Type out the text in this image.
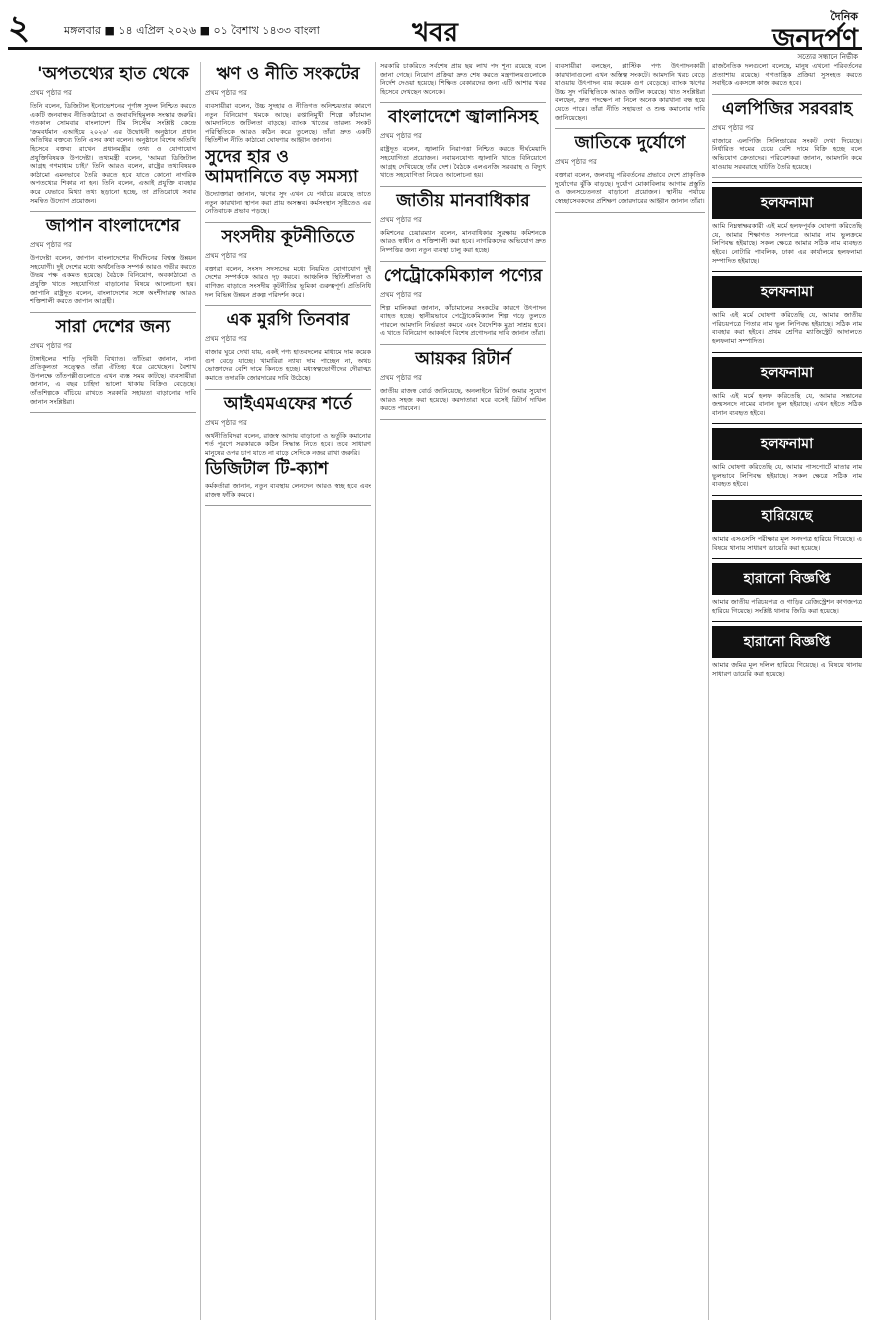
২	মঙ্গলবার ■ ১৪ এপ্রিল ২০২৬ ■ ০১ বৈশাখ ১৪৩৩ বাংলা	খবর
দৈনিক
জনদর্পণ
সত্যের সন্ধানে নির্ভীক
'অপতথ্যের হাত থেকে
প্রথম পৃষ্ঠার পর
তিনি বলেন, ডিজিটাল ইনোভেশনের পূর্ণাঙ্গ সুফল নিশ্চিত করতে একটি জনবান্ধব নীতিকাঠামো ও জবাবদিহিমূলক সংস্কার জরুরি। গতকাল সোমবার বাংলাদেশ টিম সিস্টেম সংশ্লিষ্ট কেন্দ্রে 'ক্রমবর্ধমান এআইয়ে ২০২৬' এর উদ্বোধনী অনুষ্ঠানে প্রধান অতিথির বক্তব্যে তিনি এসব কথা বলেন। অনুষ্ঠানে বিশেষ অতিথি হিসেবে বক্তব্য রাখেন প্রধানমন্ত্রীর তথ্য ও যোগাযোগ প্রযুক্তিবিষয়ক উপদেষ্টা। তথ্যমন্ত্রী বলেন, 'আমরা ডিজিটাল আগ্রহ গণমাধ্যম চাই।' তিনি আরও বলেন, রাষ্ট্রের তথ্যবিষয়ক কাঠামো এমনভাবে তৈরি করতে হবে যাতে কোনো নাগরিক অপতথ্যের শিকার না হন। তিনি বলেন, এআই প্রযুক্তি ব্যবহার করে যেভাবে মিথ্যা তথ্য ছড়ানো হচ্ছে, তা প্রতিরোধে সবার সমন্বিত উদ্যোগ প্রয়োজন।
জাপান বাংলাদেশের
প্রথম পৃষ্ঠার পর
উপদেষ্টা বলেন, জাপান বাংলাদেশের দীর্ঘদিনের বিশ্বস্ত উন্নয়ন সহযোগী। দুই দেশের মধ্যে অর্থনৈতিক সম্পর্ক আরও গভীর করতে উভয় পক্ষ একমত হয়েছে। বৈঠকে বিনিয়োগ, অবকাঠামো ও প্রযুক্তি খাতে সহযোগিতা বাড়ানোর বিষয়ে আলোচনা হয়। জাপানি রাষ্ট্রদূত বলেন, বাংলাদেশের সঙ্গে অংশীদারত্ব আরও শক্তিশালী করতে জাপান আগ্রহী।
সারা দেশের জন্য
প্রথম পৃষ্ঠার পর
টাঙ্গাইলের শাড়ি পৃথিবী বিখ্যাত। তাঁতিরা জানান, নানা প্রতিকূলতা সত্ত্বেও তাঁরা ঐতিহ্য ধরে রেখেছেন। বৈশাখ উপলক্ষে তাঁতপল্লীগুলোতে এখন ব্যস্ত সময় কাটছে। ব্যবসায়ীরা জানান, এ বছর চাহিদা ভালো থাকায় বিক্রিও বেড়েছে। তাঁতশিল্পকে বাঁচিয়ে রাখতে সরকারি সহায়তা বাড়ানোর দাবি জানান সংশ্লিষ্টরা।
ঋণ ও নীতি সংকটের
প্রথম পৃষ্ঠার পর
ব্যবসায়ীরা বলেন, উচ্চ সুদহার ও নীতিগত অনিশ্চয়তার কারণে নতুন বিনিয়োগ থমকে আছে। রপ্তানিমুখী শিল্পে কাঁচামাল আমদানিতে জটিলতা বাড়ছে। ব্যাংক খাতের তারল্য সংকট পরিস্থিতিকে আরও কঠিন করে তুলেছে। তাঁরা দ্রুত একটি স্থিতিশীল নীতি কাঠামো ঘোষণার আহ্বান জানান।
সুদের হার ও আমদানিতে বড় সমস্যা
উদ্যোক্তারা জানান, ঋণের সুদ এখন যে পর্যায়ে রয়েছে তাতে নতুন কারখানা স্থাপন করা প্রায় অসম্ভব। কর্মসংস্থান সৃষ্টিতেও এর নেতিবাচক প্রভাব পড়ছে।
সংসদীয় কূটনীতিতে
প্রথম পৃষ্ঠার পর
বক্তারা বলেন, সংসদ সদস্যদের মধ্যে নিয়মিত যোগাযোগ দুই দেশের সম্পর্ককে আরও দৃঢ় করবে। আঞ্চলিক স্থিতিশীলতা ও বাণিজ্য বাড়াতে সংসদীয় কূটনীতির ভূমিকা গুরুত্বপূর্ণ। প্রতিনিধি দল বিভিন্ন উন্নয়ন প্রকল্প পরিদর্শন করে।
এক মুরগি তিনবার
প্রথম পৃষ্ঠার পর
বাজার ঘুরে দেখা যায়, একই পণ্য হাতবদলের মাধ্যমে দাম কয়েক গুণ বেড়ে যাচ্ছে। খামারিরা ন্যায্য দাম পাচ্ছেন না, অথচ ভোক্তাদের বেশি দামে কিনতে হচ্ছে। মধ্যস্বত্বভোগীদের দৌরাত্ম্য কমাতে তদারকি জোরদারের দাবি উঠেছে।
আইএমএফের শর্তে
প্রথম পৃষ্ঠার পর
অর্থনীতিবিদরা বলেন, রাজস্ব আদায় বাড়ানো ও ভর্তুকি কমানোর শর্ত পূরণে সরকারকে কঠিন সিদ্ধান্ত নিতে হবে। তবে সাধারণ মানুষের ওপর চাপ যাতে না বাড়ে সেদিকে নজর রাখা জরুরি।
ডিজিটাল টি-ক্যাশ
কর্মকর্তারা জানান, নতুন ব্যবস্থায় লেনদেন আরও স্বচ্ছ হবে এবং রাজস্ব ফাঁকি কমবে।
সরকারি চাকরিতে সর্বশেষ প্রায় ছয় লাখ পদ শূন্য রয়েছে বলে জানা গেছে। নিয়োগ প্রক্রিয়া দ্রুত শেষ করতে মন্ত্রণালয়গুলোকে নির্দেশ দেওয়া হয়েছে। শিক্ষিত বেকারদের জন্য এটি আশার খবর হিসেবে দেখছেন অনেকে।
বাংলাদেশে জ্বালানিসহ
প্রথম পৃষ্ঠার পর
রাষ্ট্রদূত বলেন, জ্বালানি নিরাপত্তা নিশ্চিত করতে দীর্ঘমেয়াদি সহযোগিতা প্রয়োজন। নবায়নযোগ্য জ্বালানি খাতে বিনিয়োগে আগ্রহ দেখিয়েছে তাঁর দেশ। বৈঠকে এলএনজি সরবরাহ ও বিদ্যুৎ খাতে সহযোগিতা নিয়েও আলোচনা হয়।
জাতীয় মানবাধিকার
প্রথম পৃষ্ঠার পর
কমিশনের চেয়ারম্যান বলেন, মানবাধিকার সুরক্ষায় কমিশনকে আরও স্বাধীন ও শক্তিশালী করা হবে। নাগরিকদের অভিযোগ দ্রুত নিষ্পত্তির জন্য নতুন ব্যবস্থা চালু করা হচ্ছে।
পেট্রোকেমিক্যাল পণ্যের
প্রথম পৃষ্ঠার পর
শিল্প মালিকরা জানান, কাঁচামালের সংকটের কারণে উৎপাদন ব্যাহত হচ্ছে। স্থানীয়ভাবে পেট্রোকেমিক্যাল শিল্প গড়ে তুলতে পারলে আমদানি নির্ভরতা কমবে এবং বৈদেশিক মুদ্রা সাশ্রয় হবে। এ খাতে বিনিয়োগ আকর্ষণে বিশেষ প্রণোদনার দাবি জানান তাঁরা।
আয়কর রিটার্ন
প্রথম পৃষ্ঠার পর
জাতীয় রাজস্ব বোর্ড জানিয়েছে, অনলাইনে রিটার্ন জমার সুযোগ আরও সহজ করা হয়েছে। করদাতারা ঘরে বসেই রিটার্ন দাখিল করতে পারবেন।
ব্যবসায়ীরা বলছেন, প্লাস্টিক পণ্য উৎপাদনকারী কারখানাগুলো এখন অস্তিত্ব সংকটে। আমদানি খরচ বেড়ে যাওয়ায় উৎপাদন ব্যয় কয়েক গুণ বেড়েছে। ব্যাংক ঋণের উচ্চ সুদ পরিস্থিতিকে আরও জটিল করেছে। খাত সংশ্লিষ্টরা বলছেন, দ্রুত পদক্ষেপ না নিলে অনেক কারখানা বন্ধ হয়ে যেতে পারে। তাঁরা নীতি সহায়তা ও শুল্ক কমানোর দাবি জানিয়েছেন।
জাতিকে দুর্যোগে
প্রথম পৃষ্ঠার পর
বক্তারা বলেন, জলবায়ু পরিবর্তনের প্রভাবে দেশে প্রাকৃতিক দুর্যোগের ঝুঁকি বাড়ছে। দুর্যোগ মোকাবিলায় আগাম প্রস্তুতি ও জনসচেতনতা বাড়ানো প্রয়োজন। স্থানীয় পর্যায়ে স্বেচ্ছাসেবকদের প্রশিক্ষণ জোরদারের আহ্বান জানান তাঁরা।
রাজনৈতিক দলগুলো বলেছে, মানুষ এখনো পরিবর্তনের প্রত্যাশায় রয়েছে। গণতান্ত্রিক প্রক্রিয়া সুসংহত করতে সবাইকে একসঙ্গে কাজ করতে হবে।
এলপিজির সরবরাহ
প্রথম পৃষ্ঠার পর
বাজারে এলপিজি সিলিন্ডারের সংকট দেখা দিয়েছে। নির্ধারিত দামের চেয়ে বেশি দামে বিক্রি হচ্ছে বলে অভিযোগ ক্রেতাদের। পরিবেশকরা জানান, আমদানি কমে যাওয়ায় সরবরাহে ঘাটতি তৈরি হয়েছে।
হলফনামা
আমি নিম্নস্বাক্ষরকারী এই মর্মে হলফপূর্বক ঘোষণা করিতেছি যে, আমার শিক্ষাগত সনদপত্রে আমার নাম ভুলক্রমে লিপিবদ্ধ হইয়াছে। সকল ক্ষেত্রে আমার সঠিক নাম ব্যবহৃত হইবে। নোটারি পাবলিক, ঢাকা এর কার্যালয়ে হলফনামা সম্পাদিত হইয়াছে।
হলফনামা
আমি এই মর্মে ঘোষণা করিতেছি যে, আমার জাতীয় পরিচয়পত্রে পিতার নাম ভুল লিপিবদ্ধ হইয়াছে। সঠিক নাম ব্যবহার করা হইবে। প্রথম শ্রেণির ম্যাজিস্ট্রেট আদালতে হলফনামা সম্পাদিত।
হলফনামা
আমি এই মর্মে হলফ করিতেছি যে, আমার সন্তানের জন্মসনদে নামের বানান ভুল হইয়াছে। এখন হইতে সঠিক বানান ব্যবহৃত হইবে।
হলফনামা
আমি ঘোষণা করিতেছি যে, আমার পাসপোর্টে মাতার নাম ভুলভাবে লিপিবদ্ধ হইয়াছে। সকল ক্ষেত্রে সঠিক নাম ব্যবহৃত হইবে।
হারিয়েছে
আমার এসএসসি পরীক্ষার মূল সনদপত্র হারিয়ে গিয়েছে। এ বিষয়ে থানায় সাধারণ ডায়েরি করা হয়েছে।
হারানো বিজ্ঞপ্তি
আমার জাতীয় পরিচয়পত্র ও গাড়ির রেজিস্ট্রেশন কাগজপত্র হারিয়ে গিয়েছে। সংশ্লিষ্ট থানায় জিডি করা হয়েছে।
হারানো বিজ্ঞপ্তি
আমার জমির মূল দলিল হারিয়ে গিয়েছে। এ বিষয়ে থানায় সাধারণ ডায়েরি করা হয়েছে।
